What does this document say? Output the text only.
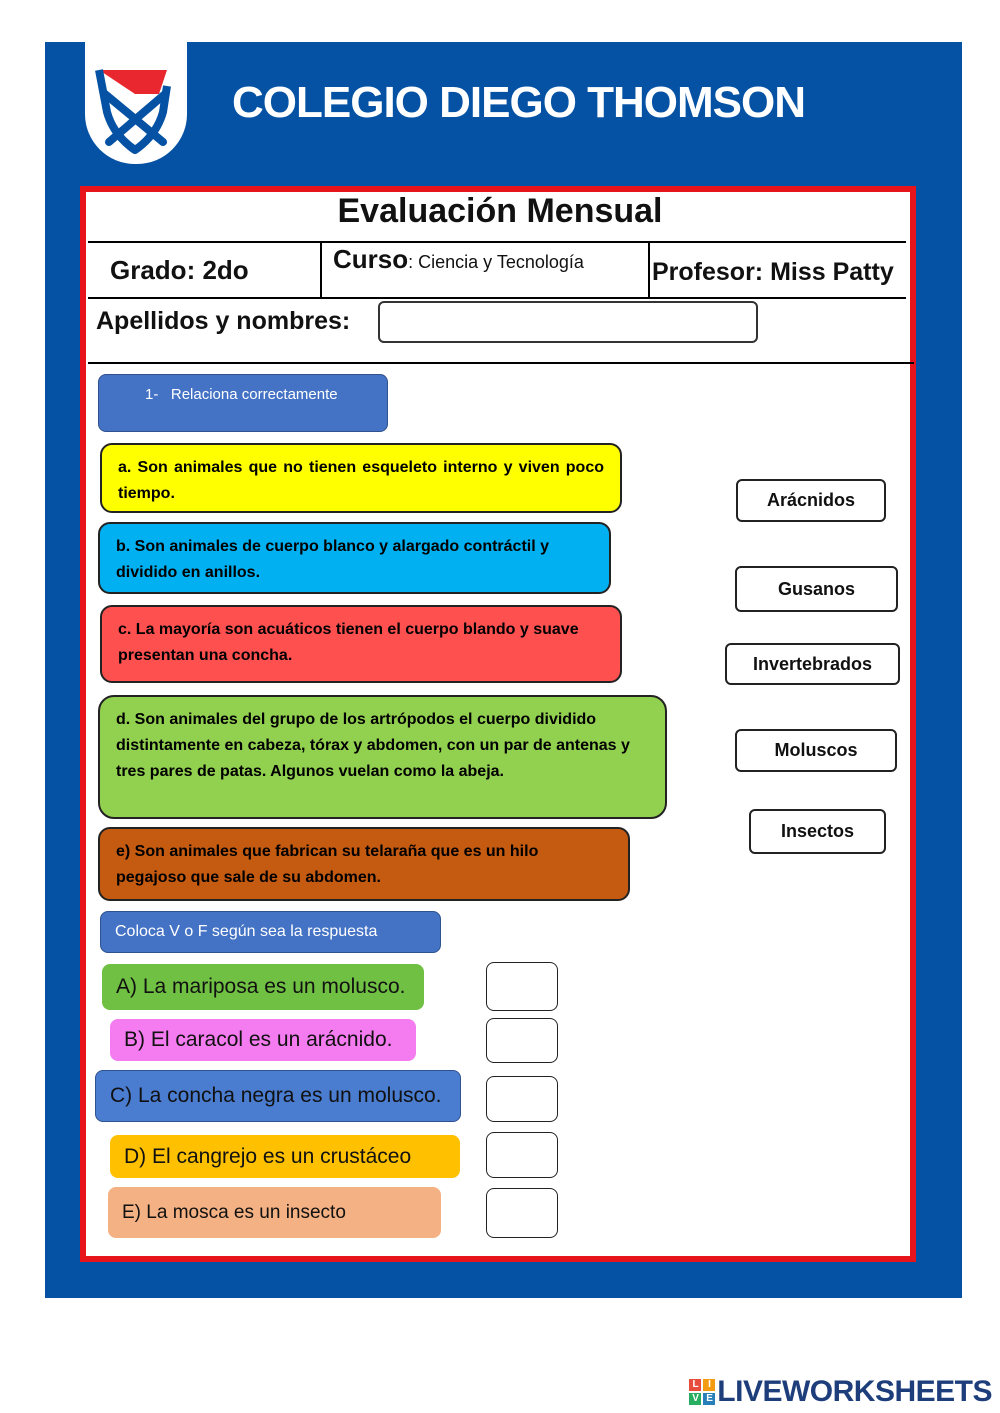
COLEGIO DIEGO THOMSON
Evaluación Mensual
Grado: 2do	Curso: Ciencia y Tecnología	Profesor: Miss Patty
Apellidos y nombres:
1- Relaciona correctamente
a. Son animales que no tienen esqueleto interno y viven poco tiempo.
b. Son animales de cuerpo blanco y alargado contráctil y dividido en anillos.
c. La mayoría son acuáticos tienen el cuerpo blando y suave presentan una concha.
d. Son animales del grupo de los artrópodos el cuerpo dividido distintamente en cabeza, tórax y abdomen, con un par de antenas y tres pares de patas. Algunos vuelan como la abeja.
e) Son animales que fabrican su telaraña que es un hilo pegajoso que sale de su abdomen.
Arácnidos
Gusanos
Invertebrados
Moluscos
Insectos
Coloca V o F según sea la respuesta
A) La mariposa es un molusco.
B) El caracol es un arácnido.
C) La concha negra es un molusco.
D) El cangrejo es un crustáceo
E) La mosca es un insecto
L	I
V E LIVEWORKSHEETS
